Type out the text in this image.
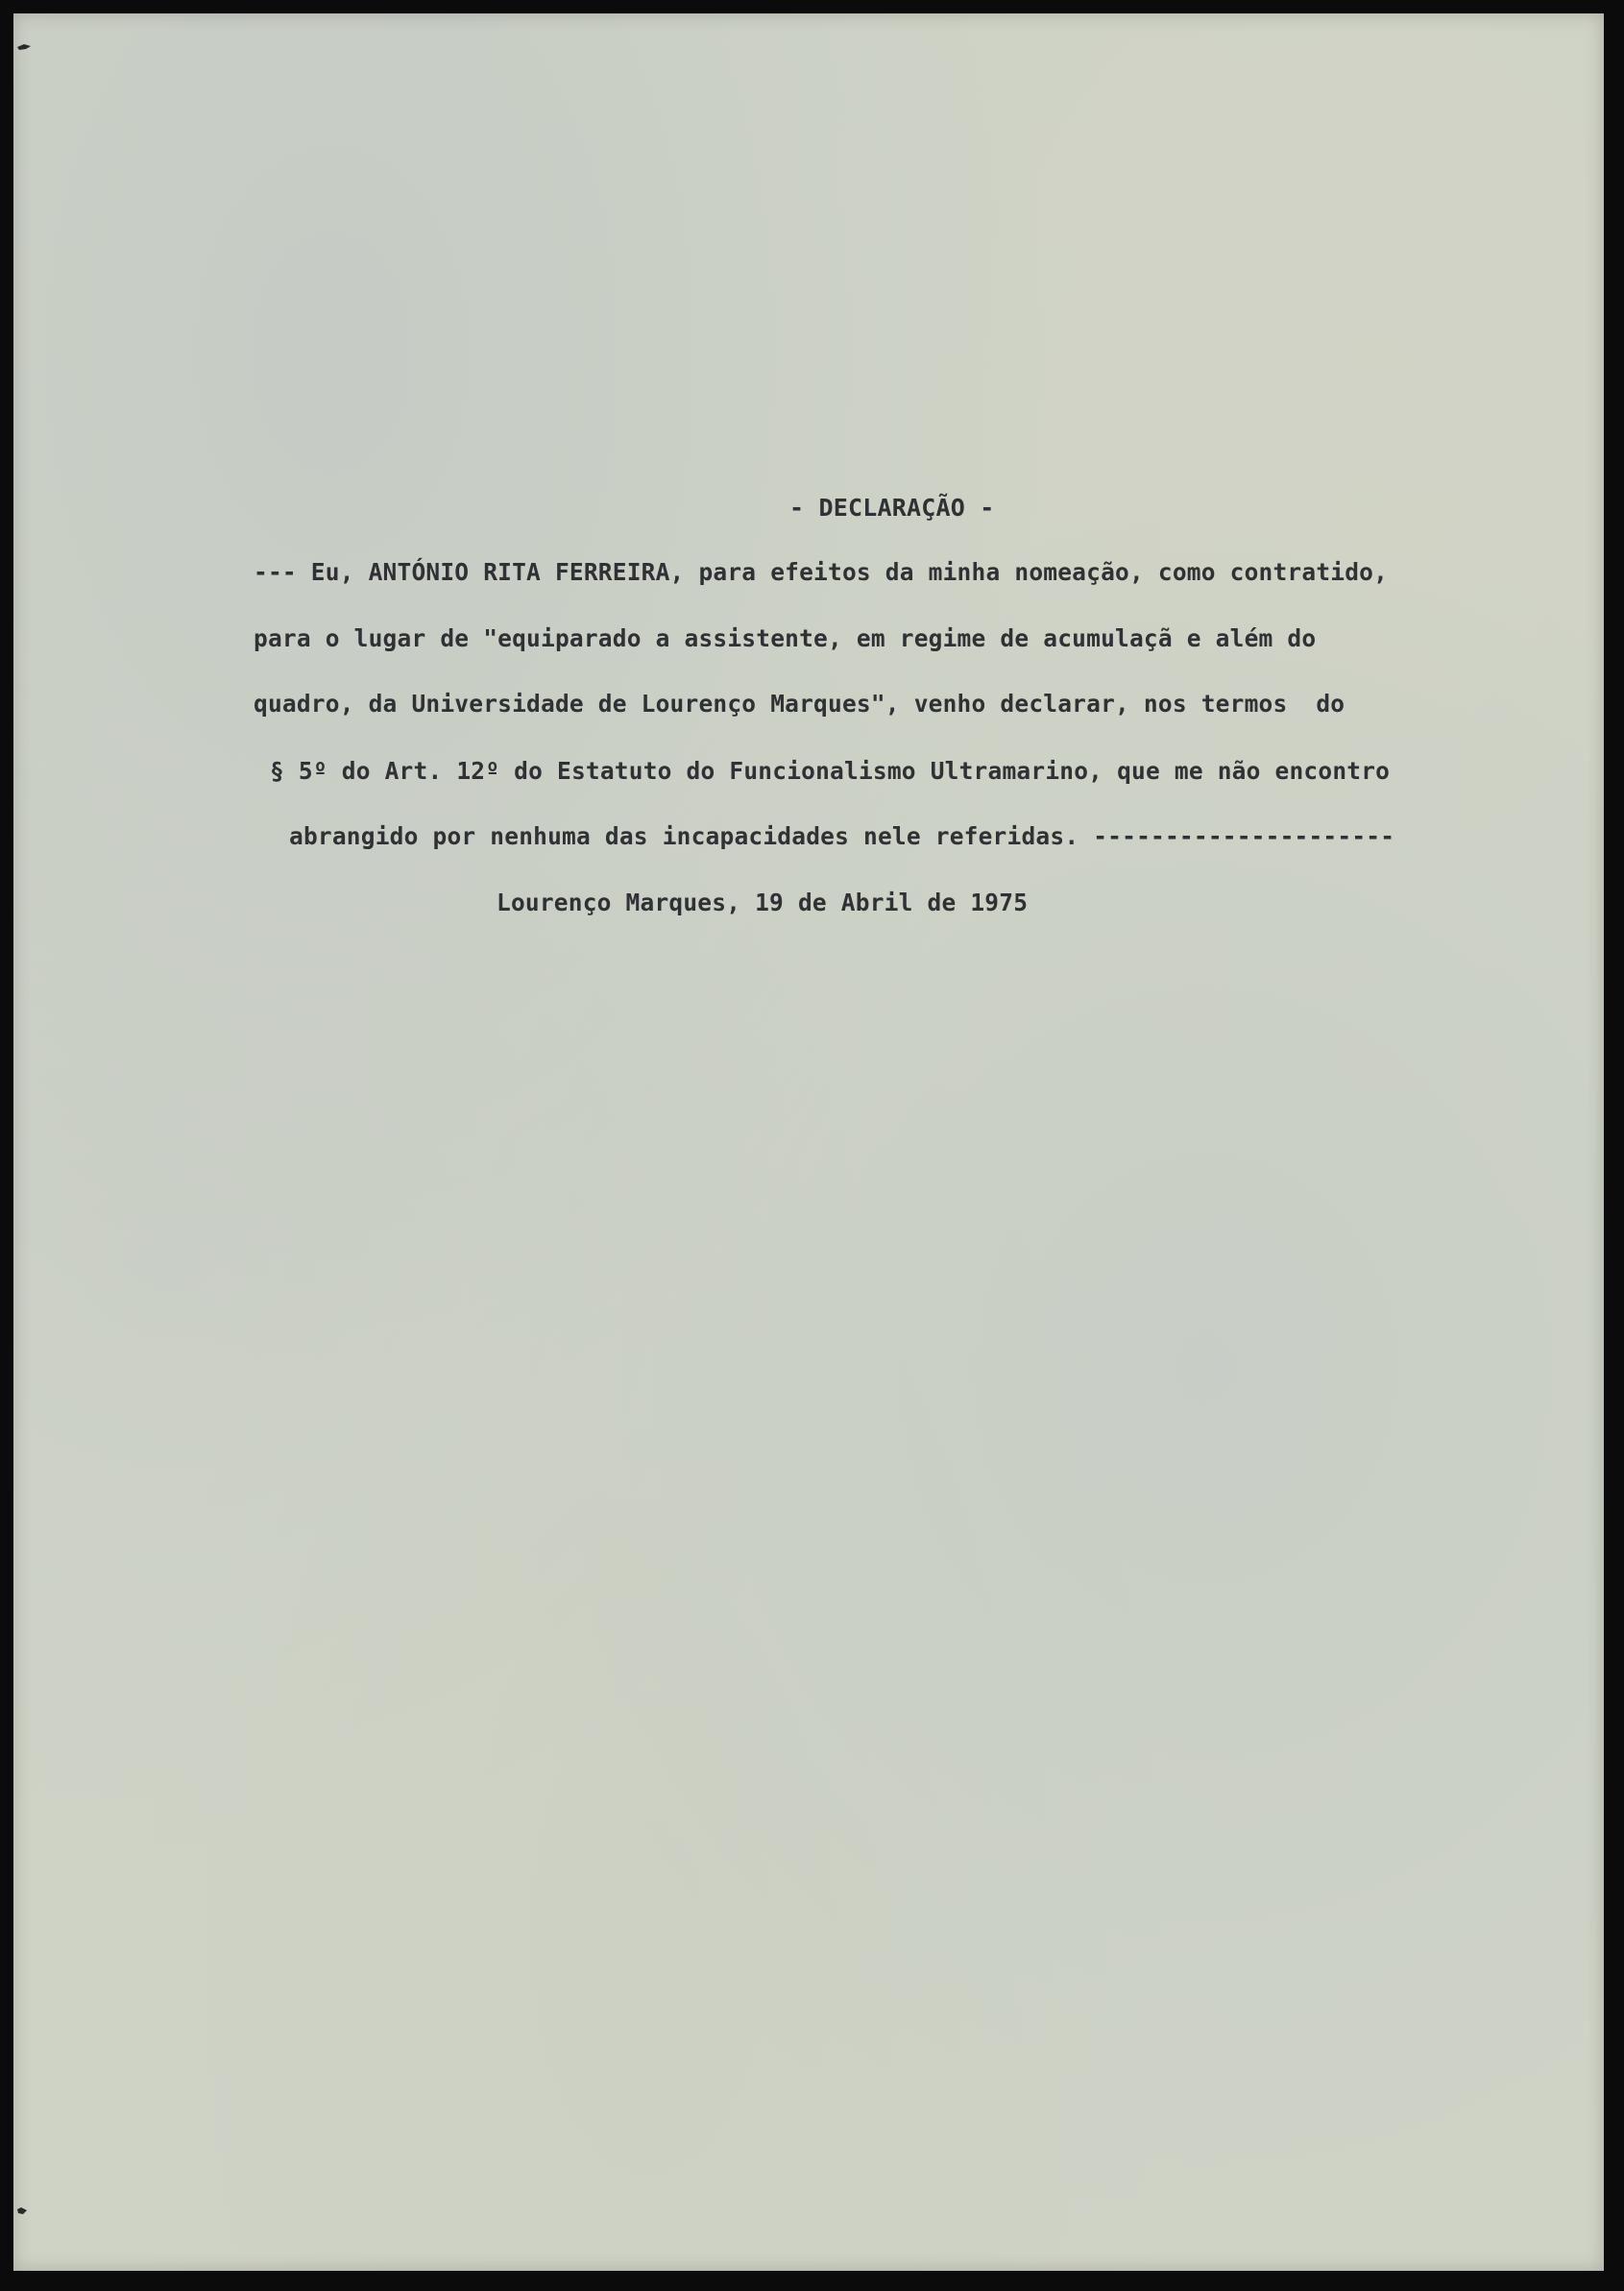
- DECLARAÇÃO -

--- Eu, ANTÓNIO RITA FERREIRA, para efeitos da minha nomeação, como contratido,

para o lugar de "equiparado a assistente, em regime de acumulaçã e além do

quadro, da Universidade de Lourenço Marques", venho declarar, nos termos  do

§ 5º do Art. 12º do Estatuto do Funcionalismo Ultramarino, que me não encontro

abrangido por nenhuma das incapacidades nele referidas. ---------------------

Lourenço Marques, 19 de Abril de 1975
